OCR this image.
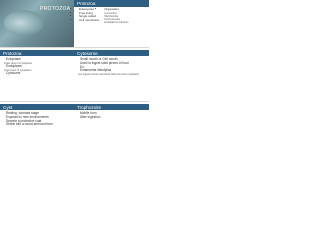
PROTOZOA
Protozoa
• Eukaryotes
• Free living
• Single celled
• Cell membrane
• Organelles
Locomotion
Mitochondria
Food vacuoles
Endoplasmic reticulum
Protozoa	Cytosome
• Ectoplasm
Outer layer of cytoplasm
• Endoplasm
Inner layer of cytoplasm
• Cytosome
• Small mouth or Cell mouth
• Used to ingest solid pieces of food
• Ex:
• Entamoeba histolytica
can ingest human red blood cells into their cytoplasm
Cyst	Trophozoite
• Resting, dormant stage
• Exposed to new environments
• Secrete a protective coat
• Shrink into a round armored form
• Mobile form
• After ingestion
